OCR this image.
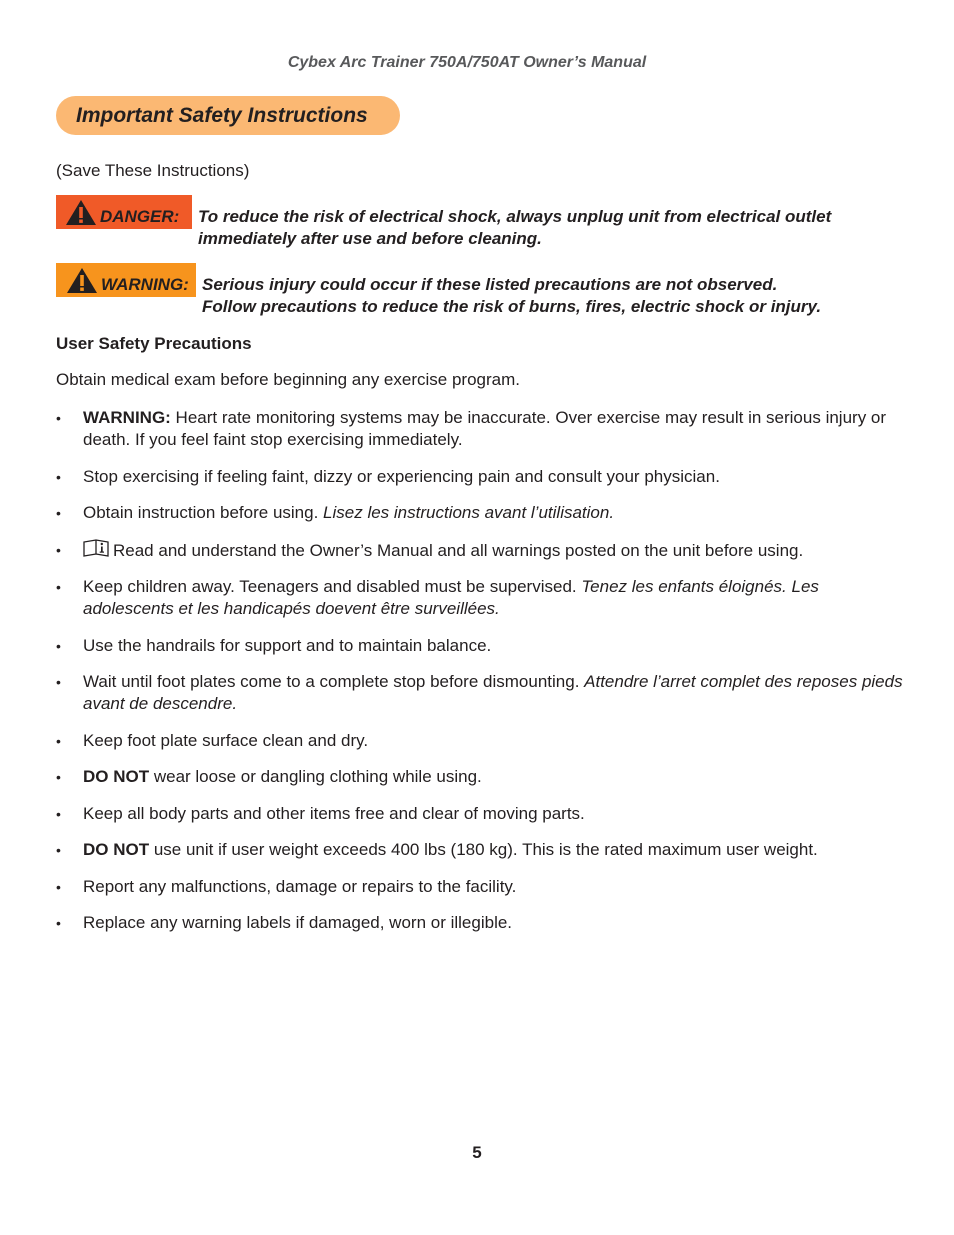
Cybex Arc Trainer 750A/750AT Owner’s Manual
Important Safety Instructions
(Save These Instructions)
DANGER: To reduce the risk of electrical shock, always unplug unit from electrical outlet
immediately after use and before cleaning.
WARNING: Serious injury could occur if these listed precautions are not observed.
Follow precautions to reduce the risk of burns, fires, electric shock or injury.
User Safety Precautions
Obtain medical exam before beginning any exercise program.
• WARNING: Heart rate monitoring systems may be inaccurate. Over exercise may result in serious injury or death. If you feel faint stop exercising immediately.
• Stop exercising if feeling faint, dizzy or experiencing pain and consult your physician.
• Obtain instruction before using. Lisez les instructions avant l’utilisation.
•	Read and understand the Owner’s Manual and all warnings posted on the unit before using.
• Keep children away. Teenagers and disabled must be supervised. Tenez les enfants éloignés. Les adolescents et les handicapés doevent être surveillées.
• Use the handrails for support and to maintain balance.
• Wait until foot plates come to a complete stop before dismounting. Attendre l’arret complet des reposes pieds avant de descendre.
• Keep foot plate surface clean and dry.
• DO NOT wear loose or dangling clothing while using.
• Keep all body parts and other items free and clear of moving parts.
• DO NOT use unit if user weight exceeds 400 lbs (180 kg). This is the rated maximum user weight.
• Report any malfunctions, damage or repairs to the facility.
• Replace any warning labels if damaged, worn or illegible.
5
